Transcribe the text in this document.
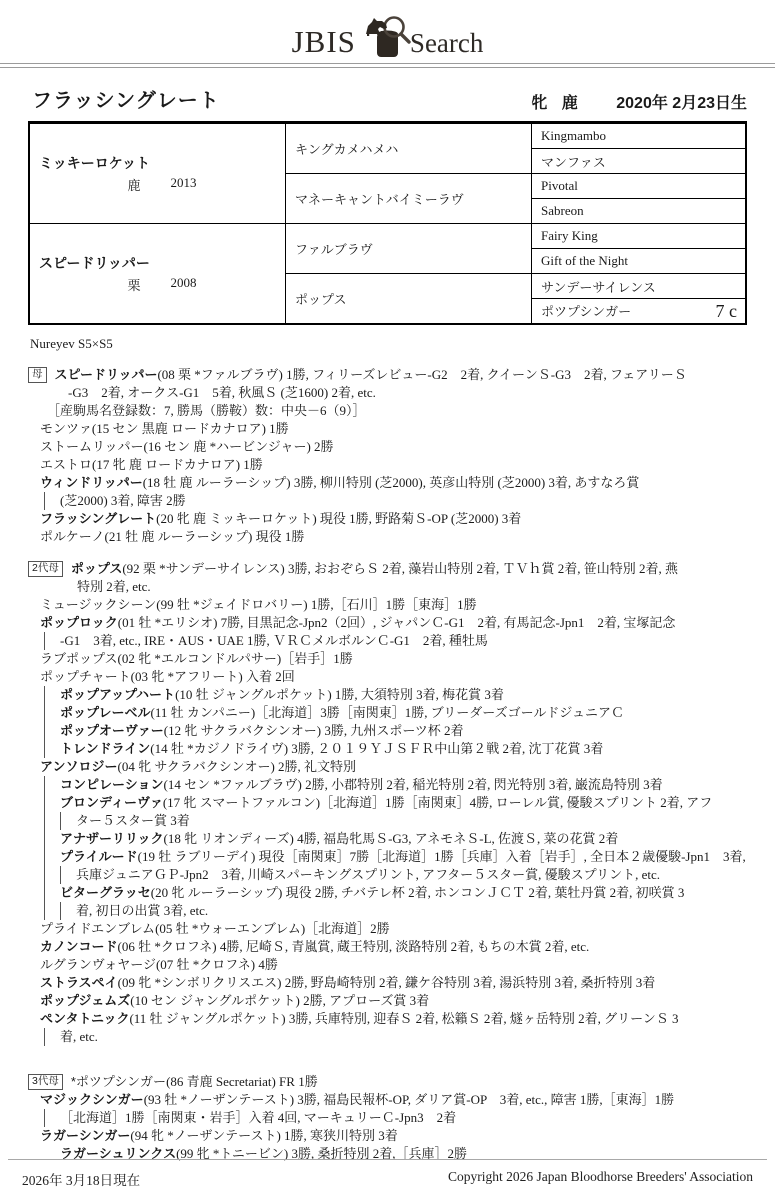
JBIS Search
フラッシングレート	牝 鹿 2020年 2月23日生
ミッキーロケット
鹿 2013	キングカメハメハ	Kingmambo
		マンファス
	マネーキャントバイミーラヴ	Pivotal
		Sabreon

スピードリッパー
栗 2008	ファルブラヴ	Fairy King
		Gift of the Night
	ポップス	サンデーサイレンス
		ポツプシンガー 7 c
Nureyev S5×S5
母 スピードリッパー(08 栗 *ファルブラヴ) 1勝, フィリーズレビュー-G2　2着, クイーンＳ-G3　2着, フェアリーＳ
-G3　2着, オークス-G1　5着, 秋風Ｓ (芝1600) 2着, etc.
［産駒馬名登録数：7, 勝馬（勝鞍）数：中央－6（9）］
モンツァ(15 セン 黒鹿 ロードカナロア) 1勝
ストームリッパー(16 セン 鹿 *ハービンジャー) 2勝
エストロ(17 牝 鹿 ロードカナロア) 1勝
ウィンドリッパー(18 牡 鹿 ルーラーシップ) 3勝, 柳川特別 (芝2000), 英彦山特別 (芝2000) 3着, あすなろ賞
(芝2000) 3着, 障害 2勝
フラッシングレート(20 牝 鹿 ミッキーロケット) 現役 1勝, 野路菊Ｓ-OP (芝2000) 3着
ポルケーノ(21 牡 鹿 ルーラーシップ) 現役 1勝
2代母 ポップス(92 栗 *サンデーサイレンス) 3勝, おおぞらＳ 2着, 藻岩山特別 2着, ＴＶｈ賞 2着, 笹山特別 2着, 燕
特別 2着, etc.
ミュージックシーン(99 牡 *ジェイドロバリー) 1勝,［石川］1勝［東海］1勝
ポップロック(01 牡 *エリシオ) 7勝, 目黒記念-Jpn2（2回）, ジャパンＣ-G1　2着, 有馬記念-Jpn1　2着, 宝塚記念
-G1　3着, etc., IRE・AUS・UAE 1勝, ＶＲＣメルボルンＣ-G1　2着, 種牡馬
ラブポップス(02 牝 *エルコンドルパサー)［岩手］1勝
ポップチャート(03 牝 *アフリート) 入着 2回
ポップアップハート(10 牡 ジャングルポケット) 1勝, 大須特別 3着, 梅花賞 3着
ポップレーベル(11 牡 カンパニー)［北海道］3勝［南関東］1勝, ブリーダーズゴールドジュニアＣ
ポップオーヴァー(12 牝 サクラバクシンオー) 3勝, 九州スポーツ杯 2着
トレンドライン(14 牡 *カジノドライヴ) 3勝, ２０１９ＹＪＳＦＲ中山第２戦 2着, 沈丁花賞 3着
アンソロジー(04 牝 サクラバクシンオー) 2勝, 礼文特別
コンピレーション(14 セン *ファルブラヴ) 2勝, 小郡特別 2着, 稲光特別 2着, 閃光特別 3着, 巌流島特別 3着
ブロンディーヴァ(17 牝 スマートファルコン)［北海道］1勝［南関東］4勝, ローレル賞, 優駿スプリント 2着, アフ
ター５スター賞 3着
アナザーリリック(18 牝 リオンディーズ) 4勝, 福島牝馬Ｓ-G3, アネモネＳ-L, 佐渡Ｓ, 菜の花賞 2着
プライルード(19 牡 ラブリーデイ) 現役［南関東］7勝［北海道］1勝［兵庫］入着［岩手］, 全日本２歳優駿-Jpn1　3着,
兵庫ジュニアＧＰ-Jpn2　3着, 川崎スパーキングスプリント, アフター５スター賞, 優駿スプリント, etc.
ビターグラッセ(20 牝 ルーラーシップ) 現役 2勝, チバテレ杯 2着, ホンコンＪＣＴ 2着, 葉牡丹賞 2着, 初咲賞 3
着, 初日の出賞 3着, etc.
プライドエンブレム(05 牡 *ウォーエンブレム)［北海道］2勝
カノンコード(06 牡 *クロフネ) 4勝, 尼崎Ｓ, 青嵐賞, 蔵王特別, 淡路特別 2着, もちの木賞 2着, etc.
ルグランヴォヤージ(07 牡 *クロフネ) 4勝
ストラスペイ(09 牝 *シンボリクリスエス) 2勝, 野島崎特別 2着, 鎌ケ谷特別 3着, 湯浜特別 3着, 桑折特別 3着
ポップジェムズ(10 セン ジャングルポケット) 2勝, アプローズ賞 3着
ペンタトニック(11 牡 ジャングルポケット) 3勝, 兵庫特別, 迎春Ｓ 2着, 松籟Ｓ 2着, 燧ヶ岳特別 2着, グリーンＳ 3
着, etc.
3代母 *ポツプシンガー(86 青鹿 Secretariat) FR 1勝
マジックシンガー(93 牡 *ノーザンテースト) 3勝, 福島民報杯-OP, ダリア賞-OP　3着, etc., 障害 1勝,［東海］1勝
［北海道］1勝［南関東・岩手］入着 4回, マーキュリーＣ-Jpn3　2着
ラガーシンガー(94 牝 *ノーザンテースト) 1勝, 寒狭川特別 3着
ラガーシュリンクス(99 牝 *トニービン) 3勝, 桑折特別 2着,［兵庫］2勝
2026年 3月18日現在	Copyright 2026 Japan Bloodhorse Breeders' Association
